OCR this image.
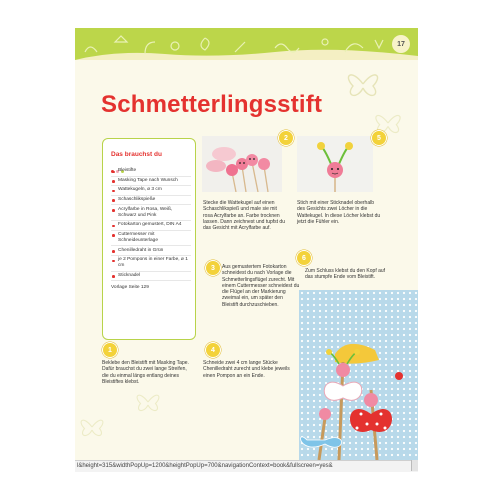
17
Schmetterlingsstift
Das brauchst du
Bleistifte
Masking Tape nach Wunsch
Wattekugeln, ø 3 cm
Schaschlikspieße
Acrylfarbe in Rosa, Weiß, Schwarz und Pink
Fotokarton gemustert, DIN A4
Cuttermesser mit Schneideunterlage
Chenilledraht in Grün
je 2 Pompons in einer Farbe, ø 1 cm
Sticknadel
Vorlage Seite 129
2	5
Stecke die Wattekugel auf einen Schaschlikspieß und male sie mit rosa Acrylfarbe an. Farbe trocknen lassen. Dann zeichnest und tupfst du das Gesicht mit Acrylfarbe auf.
Stich mit einer Sticknadel oberhalb des Gesichts zwei Löcher in die Wattekugel. In diese Löcher klebst du jetzt die Fühler ein.
6
Zum Schluss klebst du den Kopf auf das stumpfe Ende vom Bleistift.
3	Aus gemustertem Fotokarton schneidest du nach Vorlage die Schmetterlingsflügel zurecht. Mit einem Cuttermesser schneidest du die Flügel an der Markierung zweimal ein, um später den Bleistift durchzuschieben.
1
Beklebe den Bleistift mit Masking Tape. Dafür brauchst du zwei lange Streifen, die du einmal längs entlang deines Bleistiftes klebst.
4
Schneide zwei 4 cm lange Stücke Chenilledraht zurecht und klebe jeweils einen Pompon an ein Ende.
l&height=315&widthPopUp=1200&heightPopUp=700&navigationContext=book&fullscreen=yes&
